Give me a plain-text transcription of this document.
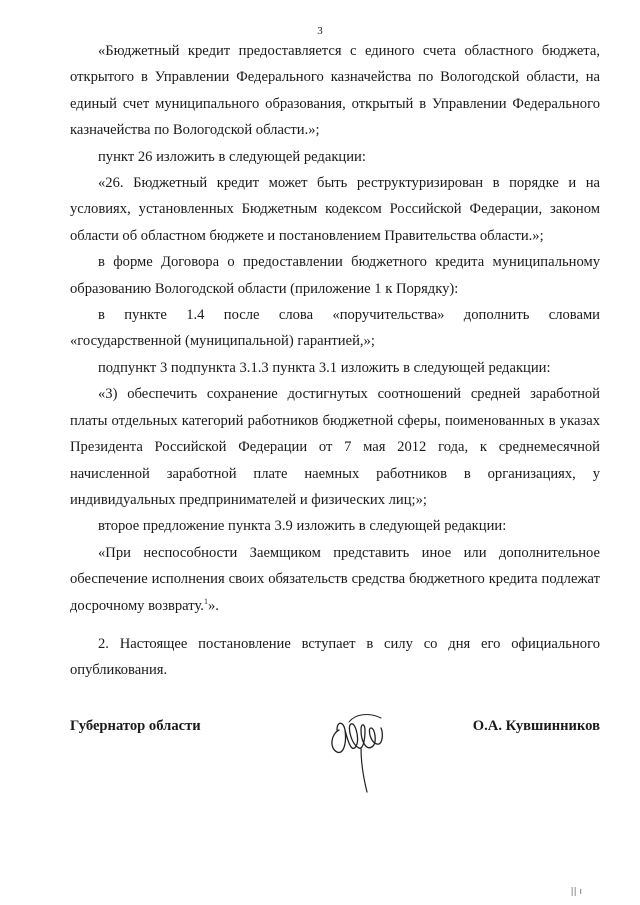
3

«Бюджетный кредит предоставляется с единого счета областного бюджета, открытого в Управлении Федерального казначейства по Вологодской области, на единый счет муниципального образования, открытый в Управлении Федерального казначейства по Вологодской области.»;

пункт 26 изложить в следующей редакции:

«26. Бюджетный кредит может быть реструктуризирован в порядке и на условиях, установленных Бюджетным кодексом Российской Федерации, законом области об областном бюджете и постановлением Правительства области.»;

в форме Договора о предоставлении бюджетного кредита муниципальному образованию Вологодской области (приложение 1 к Порядку):

в пункте 1.4 после слова «поручительства» дополнить словами «государственной (муниципальной) гарантией,»;

подпункт 3 подпункта 3.1.3 пункта 3.1 изложить в следующей редакции:

«3) обеспечить сохранение достигнутых соотношений средней заработной платы отдельных категорий работников бюджетной сферы, поименованных в указах Президента Российской Федерации от 7 мая 2012 года, к среднемесячной начисленной заработной плате наемных работников в организациях, у индивидуальных предпринимателей и физических лиц;»;

второе предложение пункта 3.9 изложить в следующей редакции:

«При неспособности Заемщиком представить иное или дополнительное обеспечение исполнения своих обязательств средства бюджетного кредита подлежат досрочному возврату.$^1$».

2. Настоящее постановление вступает в силу со дня его официального опубликования.

Губернатор области	О.А. Кувшинников
|| ı
